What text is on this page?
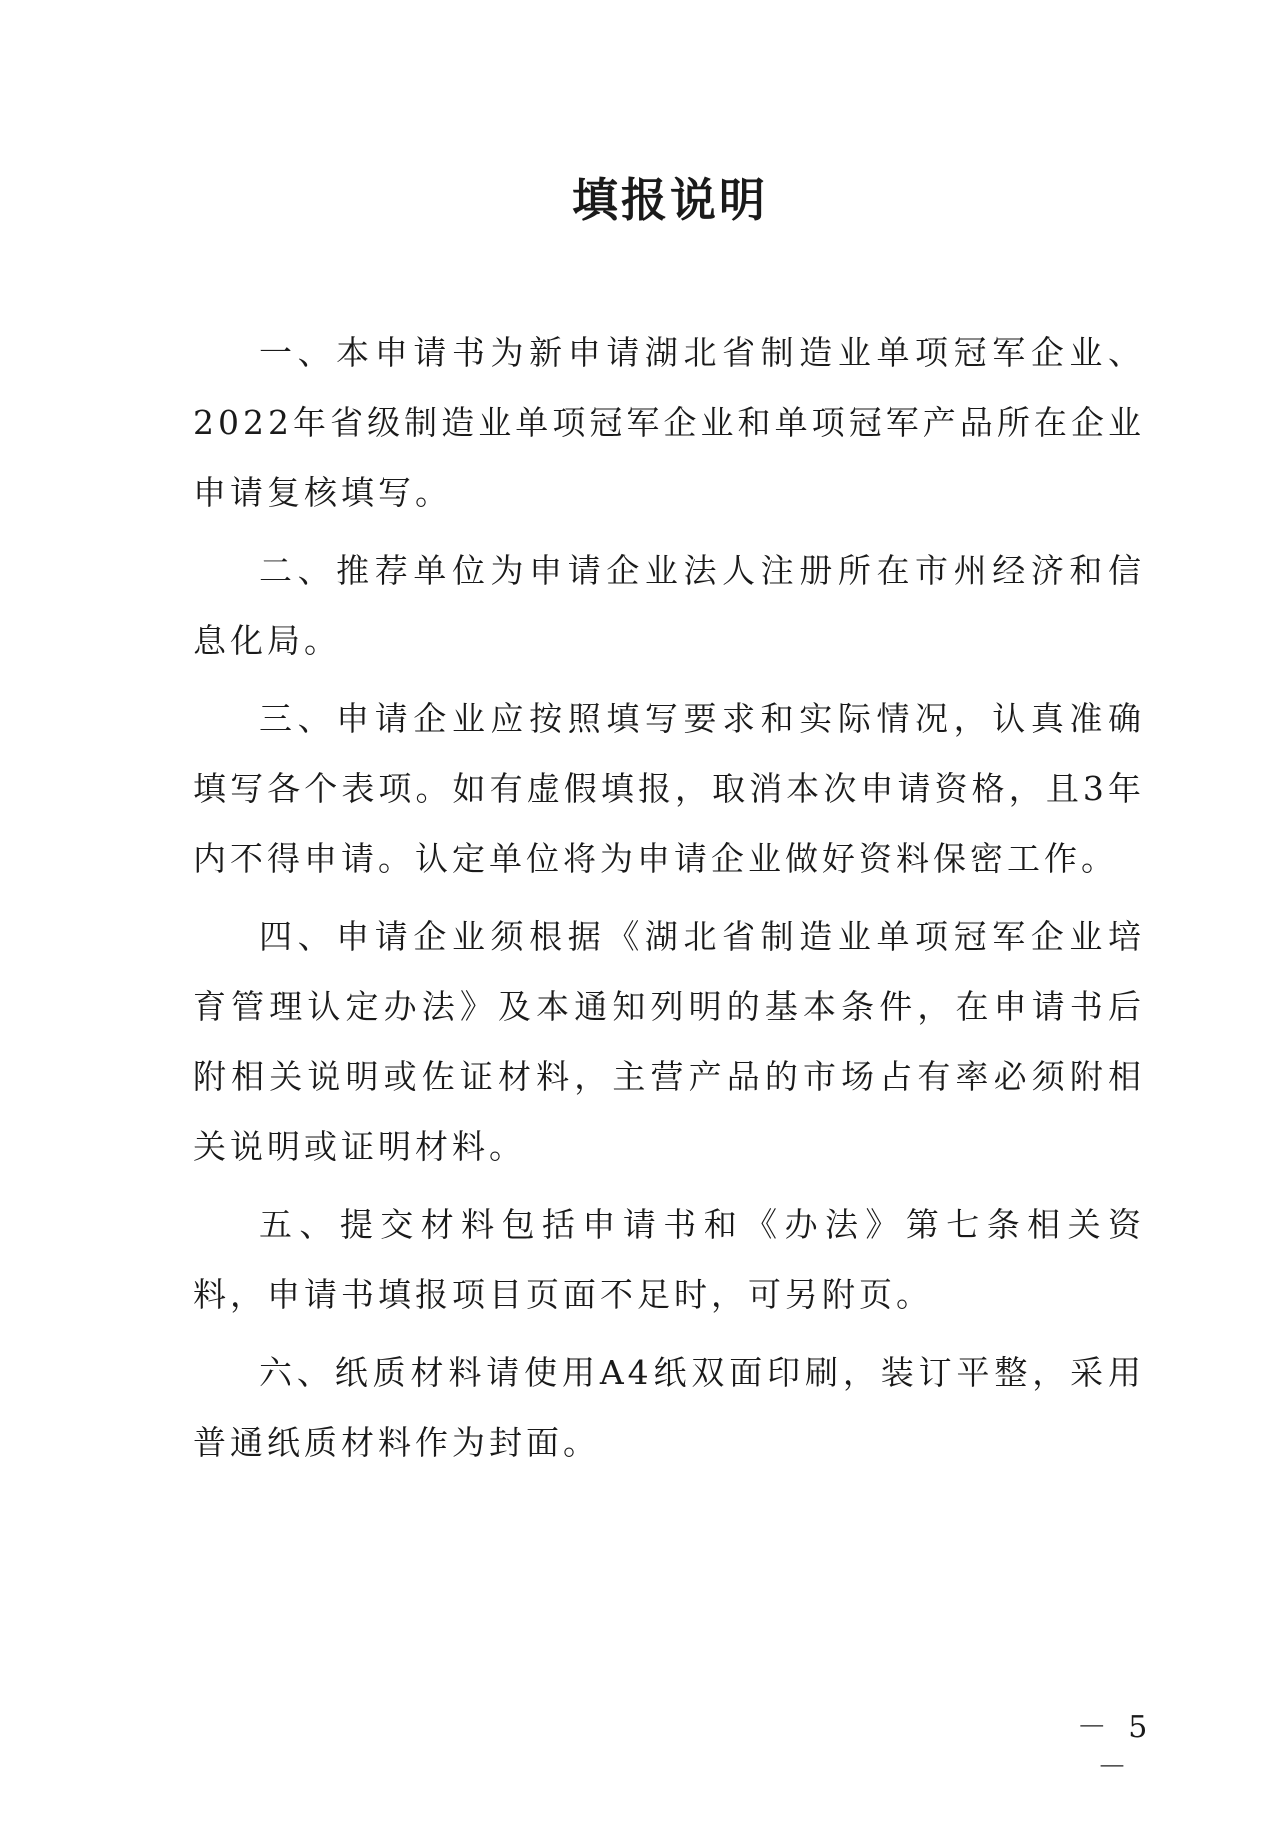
填报说明

一、本申请书为新申请湖北省制造业单项冠军企业、2022年省级制造业单项冠军企业和单项冠军产品所在企业申请复核填写。

二、推荐单位为申请企业法人注册所在市州经济和信息化局。

三、申请企业应按照填写要求和实际情况，认真准确填写各个表项。如有虚假填报，取消本次申请资格，且3年内不得申请。认定单位将为申请企业做好资料保密工作。

四、申请企业须根据《湖北省制造业单项冠军企业培育管理认定办法》及本通知列明的基本条件，在申请书后附相关说明或佐证材料，主营产品的市场占有率必须附相关说明或证明材料。

五、提交材料包括申请书和《办法》第七条相关资料，申请书填报项目页面不足时，可另附页。

六、纸质材料请使用A4纸双面印刷，装订平整，采用普通纸质材料作为封面。

－ 5 －
